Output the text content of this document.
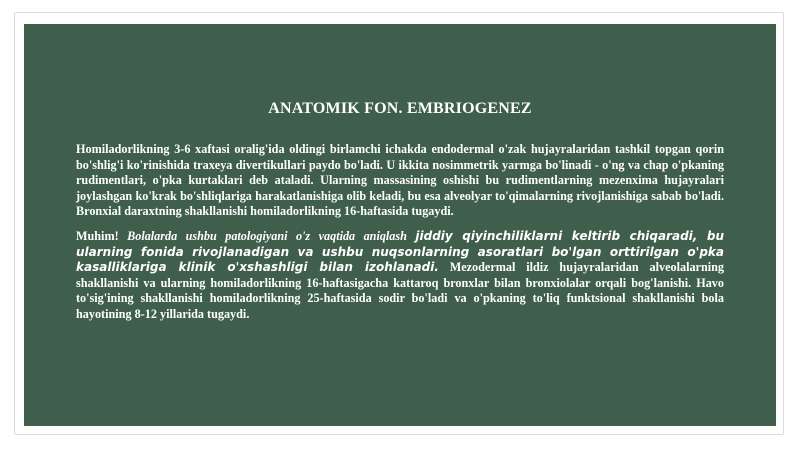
ANATOMIK FON. EMBRIOGENEZ

Homiladorlikning 3-6 xaftasi oralig'ida oldingi birlamchi ichakda endodermal o'zak hujayralaridan tashkil topgan qorin bo'shlig'i ko'rinishida traxeya divertikullari paydo bo'ladi. U ikkita nosimmetrik yarmga bo'linadi - o'ng va chap o'pkaning rudimentlari, o'pka kurtaklari deb ataladi. Ularning massasining oshishi bu rudimentlarning mezenxima hujayralari joylashgan ko'krak bo'shliqlariga harakatlanishiga olib keladi, bu esa alveolyar to'qimalarning rivojlanishiga sabab bo'ladi. Bronxial daraxtning shakllanishi homiladorlikning 16-haftasida tugaydi.

Muhim! Bolalarda ushbu patologiyani o'z vaqtida aniqlash jiddiy qiyinchiliklarni keltirib chiqaradi, bu ularning fonida rivojlanadigan va ushbu nuqsonlarning asoratlari bo'lgan orttirilgan o'pka kasalliklariga klinik o'xshashligi bilan izohlanadi. Mezodermal ildiz hujayralaridan alveolalarning shakllanishi va ularning homiladorlikning 16-haftasigacha kattaroq bronxlar bilan bronxiolalar orqali bog'lanishi. Havo to'sig'ining shakllanishi homiladorlikning 25-haftasida sodir bo'ladi va o'pkaning to'liq funktsional shakllanishi bola hayotining 8-12 yillarida tugaydi.
